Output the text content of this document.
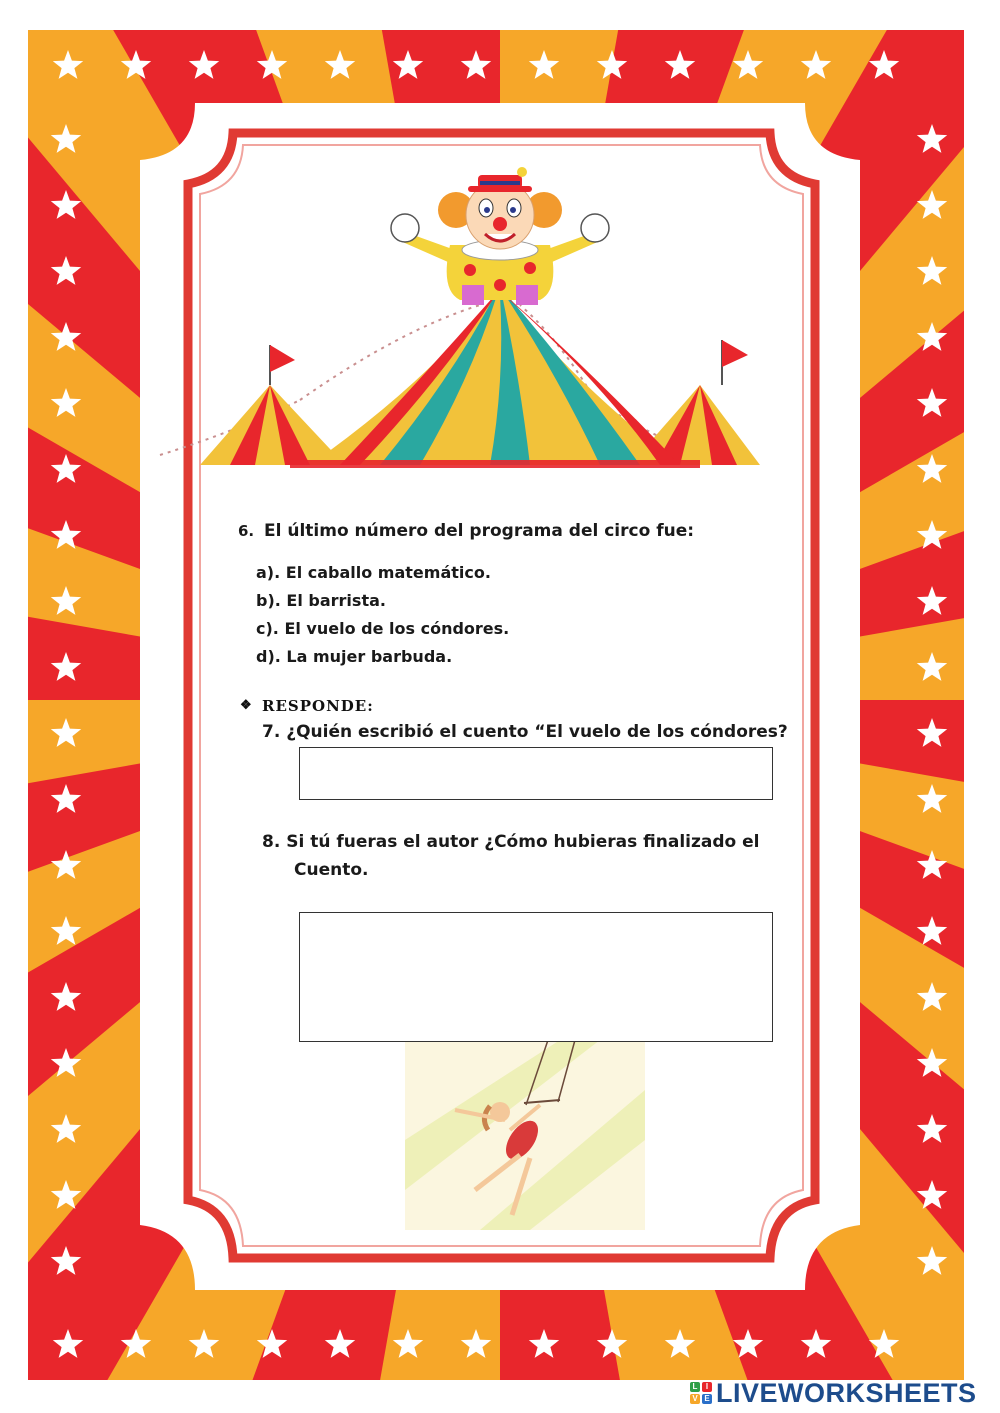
6. El último número del programa del circo fue:
a). El caballo matemático.
b). El barrista.
c). El vuelo de los cóndores.
d). La mujer barbuda.
❖ RESPONDE:
7. ¿Quién escribió el cuento “El vuelo de los cóndores?
8. Si tú fueras el autor ¿Cómo hubieras finalizado el
Cuento.
L	I
V E LIVEWORKSHEETS
